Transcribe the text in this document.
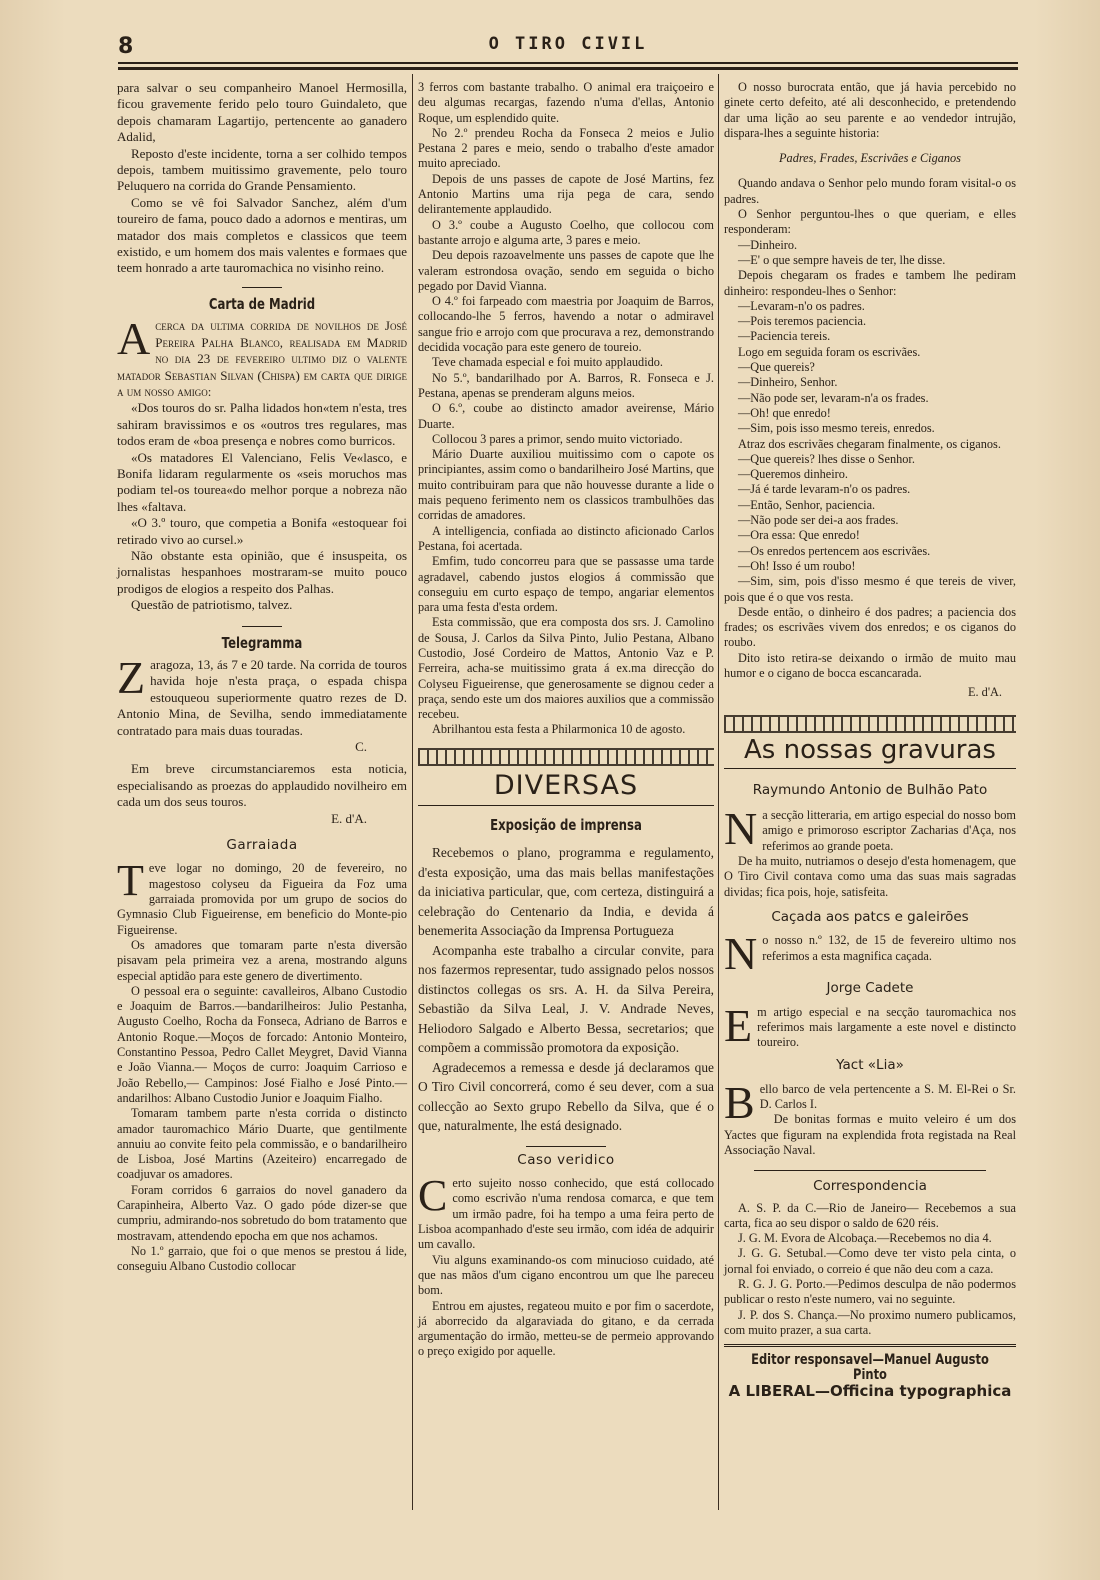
8	O TIRO CIVIL

para salvar o seu companheiro Manoel Hermosilla, ficou gravemente ferido pelo touro Guindaleto, que depois chamaram Lagartijo, pertencente ao ganadero Adalid,

Reposto d'este incidente, torna a ser colhido tempos depois, tambem muitissimo gravemente, pelo touro Peluquero na corrida do Grande Pensamiento.

Como se vê foi Salvador Sanchez, além d'um toureiro de fama, pouco dado a adornos e mentiras, um matador dos mais completos e classicos que teem existido, e um homem dos mais valentes e formaes que teem honrado a arte tauromachica no visinho reino.

Carta de Madrid

Acerca da ultima corrida de novilhos de José Pereira Palha Blanco, realisada em Madrid no dia 23 de fevereiro ultimo diz o valente matador Sebastian Silvan (Chispa) em carta que dirige a um nosso amigo:

«Dos touros do sr. Palha lidados hon«tem n'esta, tres sahiram bravissimos e os «outros tres regulares, mas todos eram de «boa presença e nobres como burricos.

«Os matadores El Valenciano, Felis Ve«lasco, e Bonifa lidaram regularmente os «seis moruchos mas podiam tel-os tourea«do melhor porque a nobreza não lhes «faltava.

«O 3.º touro, que competia a Bonifa «estoquear foi retirado vivo ao cursel.»

Não obstante esta opinião, que é insuspeita, os jornalistas hespanhoes mostraram-se muito pouco prodigos de elogios a respeito dos Palhas.

Questão de patriotismo, talvez.

Telegramma

Zaragoza, 13, ás 7 e 20 tarde. Na corrida de touros havida hoje n'esta praça, o espada chispa estouqueou superiormente quatro rezes de D. Antonio Mina, de Sevilha, sendo immediatamente contratado para mais duas touradas.

C.

Em breve circumstanciaremos esta noticia, especialisando as proezas do applaudido novilheiro em cada um dos seus touros.

E. d'A.

Garraiada

Teve logar no domingo, 20 de fevereiro, no magestoso colyseu da Figueira da Foz uma garraiada promovida por um grupo de socios do Gymnasio Club Figueirense, em beneficio do Monte-pio Figueirense.

Os amadores que tomaram parte n'esta diversão pisavam pela primeira vez a arena, mostrando alguns especial aptidão para este genero de divertimento.

O pessoal era o seguinte: cavalleiros, Albano Custodio e Joaquim de Barros.—bandarilheiros: Julio Pestanha, Augusto Coelho, Rocha da Fonseca, Adriano de Barros e Antonio Roque.—Moços de forcado: Antonio Monteiro, Constantino Pessoa, Pedro Callet Meygret, David Vianna e João Vianna.— Moços de curro: Joaquim Carrioso e João Rebello,— Campinos: José Fialho e José Pinto.— andarilhos: Albano Custodio Junior e Joaquim Fialho.

Tomaram tambem parte n'esta corrida o distincto amador tauromachico Mário Duarte, que gentilmente annuiu ao convite feito pela commissão, e o bandarilheiro de Lisboa, José Martins (Azeiteiro) encarregado de coadjuvar os amadores.

Foram corridos 6 garraios do novel ganadero da Carapinheira, Alberto Vaz. O gado póde dizer-se que cumpriu, admirando-nos sobretudo do bom tratamento que mostravam, attendendo epocha em que nos achamos.

No 1.º garraio, que foi o que menos se prestou á lide, conseguiu Albano Custodio collocar

3 ferros com bastante trabalho. O animal era traiçoeiro e deu algumas recargas, fazendo n'uma d'ellas, Antonio Roque, um esplendido quite.

No 2.º prendeu Rocha da Fonseca 2 meios e Julio Pestana 2 pares e meio, sendo o trabalho d'este amador muito apreciado.

Depois de uns passes de capote de José Martins, fez Antonio Martins uma rija pega de cara, sendo delirantemente applaudido.

O 3.º coube a Augusto Coelho, que collocou com bastante arrojo e alguma arte, 3 pares e meio.

Deu depois razoavelmente uns passes de capote que lhe valeram estrondosa ovação, sendo em seguida o bicho pegado por David Vianna.

O 4.º foi farpeado com maestria por Joaquim de Barros, collocando-lhe 5 ferros, havendo a notar o admiravel sangue frio e arrojo com que procurava a rez, demonstrando decidida vocação para este genero de toureio.

Teve chamada especial e foi muito applaudido.

No 5.º, bandarilhado por A. Barros, R. Fonseca e J. Pestana, apenas se prenderam alguns meios.

O 6.º, coube ao distincto amador aveirense, Mário Duarte.

Collocou 3 pares a primor, sendo muito victoriado.

Mário Duarte auxiliou muitissimo com o capote os principiantes, assim como o bandarilheiro José Martins, que muito contribuiram para que não houvesse durante a lide o mais pequeno ferimento nem os classicos trambulhões das corridas de amadores.

A intelligencia, confiada ao distincto aficionado Carlos Pestana, foi acertada.

Emfim, tudo concorreu para que se passasse uma tarde agradavel, cabendo justos elogios á commissão que conseguiu em curto espaço de tempo, angariar elementos para uma festa d'esta ordem.

Esta commissão, que era composta dos srs. J. Camolino de Sousa, J. Carlos da Silva Pinto, Julio Pestana, Albano Custodio, José Cordeiro de Mattos, Antonio Vaz e P. Ferreira, acha-se muitissimo grata á ex.ma direcção do Colyseu Figueirense, que generosamente se dignou ceder a praça, sendo este um dos maiores auxilios que a commissão recebeu.

Abrilhantou esta festa a Philarmonica 10 de agosto.

DIVERSAS

Exposição de imprensa

Recebemos o plano, programma e regulamento, d'esta exposição, uma das mais bellas manifestações da iniciativa particular, que, com certeza, distinguirá a celebração do Centenario da India, e devida á benemerita Associação da Imprensa Portugueza

Acompanha este trabalho a circular convite, para nos fazermos representar, tudo assignado pelos nossos distinctos collegas os srs. A. H. da Silva Pereira, Sebastião da Silva Leal, J. V. Andrade Neves, Heliodoro Salgado e Alberto Bessa, secretarios; que compõem a commissão promotora da exposição.

Agradecemos a remessa e desde já declaramos que O Tiro Civil concorrerá, como é seu dever, com a sua collecção ao Sexto grupo Rebello da Silva, que é o que, naturalmente, lhe está designado.

Caso veridico

Certo sujeito nosso conhecido, que está collocado como escrivão n'uma rendosa comarca, e que tem um irmão padre, foi ha tempo a uma feira perto de Lisboa acompanhado d'este seu irmão, com idéa de adquirir um cavallo.

Viu alguns examinando-os com minucioso cuidado, até que nas mãos d'um cigano encontrou um que lhe pareceu bom.

Entrou em ajustes, regateou muito e por fim o sacerdote, já aborrecido da algaraviada do gitano, e da cerrada argumentação do irmão, metteu-se de permeio approvando o preço exigido por aquelle.

O nosso burocrata então, que já havia percebido no ginete certo defeito, até ali desconhecido, e pretendendo dar uma lição ao seu parente e ao vendedor intrujão, dispara-lhes a seguinte historia:

Padres, Frades, Escrivães e Ciganos

Quando andava o Senhor pelo mundo foram visital-o os padres.

O Senhor perguntou-lhes o que queriam, e elles responderam:

—Dinheiro.

—E' o que sempre haveis de ter, lhe disse.

Depois chegaram os frades e tambem lhe pediram dinheiro: respondeu-lhes o Senhor:

—Levaram-n'o os padres.

—Pois teremos paciencia.

—Paciencia tereis.

Logo em seguida foram os escrivães.

—Que quereis?

—Dinheiro, Senhor.

—Não pode ser, levaram-n'a os frades.

—Oh! que enredo!

—Sim, pois isso mesmo tereis, enredos.

Atraz dos escrivães chegaram finalmente, os ciganos.

—Que quereis? lhes disse o Senhor.

—Queremos dinheiro.

—Já é tarde levaram-n'o os padres.

—Então, Senhor, paciencia.

—Não pode ser dei-a aos frades.

—Ora essa: Que enredo!

—Os enredos pertencem aos escrivães.

—Oh! Isso é um roubo!

—Sim, sim, pois d'isso mesmo é que tereis de viver, pois que é o que vos resta.

Desde então, o dinheiro é dos padres; a paciencia dos frades; os escrivães vivem dos enredos; e os ciganos do roubo.

Dito isto retira-se deixando o irmão de muito mau humor e o cigano de bocca escancarada.

E. d'A.

As nossas gravuras

Raymundo Antonio de Bulhão Pato

Na secção litteraria, em artigo especial do nosso bom amigo e primoroso escriptor Zacharias d'Aça, nos referimos ao grande poeta.

De ha muito, nutriamos o desejo d'esta homenagem, que O Tiro Civil contava como uma das suas mais sagradas dividas; fica pois, hoje, satisfeita.

Caçada aos patcs e galeirões

No nosso n.º 132, de 15 de fevereiro ultimo nos referimos a esta magnifica caçada.

Jorge Cadete

Em artigo especial e na secção tauromachica nos referimos mais largamente a este novel e distincto toureiro.

Yact «Lia»

Bello barco de vela pertencente a S. M. El-Rei o Sr. D. Carlos I.

De bonitas formas e muito veleiro é um dos Yactes que figuram na explendida frota registada na Real Associação Naval.

Correspondencia

A. S. P. da C.—Rio de Janeiro— Recebemos a sua carta, fica ao seu dispor o saldo de 620 réis.

J. G. M. Evora de Alcobaça.—Recebemos no dia 4.

J. G. G. Setubal.—Como deve ter visto pela cinta, o jornal foi enviado, o correio é que não deu com a caza.

R. G. J. G. Porto.—Pedimos desculpa de não podermos publicar o resto n'este numero, vai no seguinte.

J. P. dos S. Chança.—No proximo numero publicamos, com muito prazer, a sua carta.

Editor responsavel—Manuel Augusto Pinto

A LIBERAL—Officina typographica
